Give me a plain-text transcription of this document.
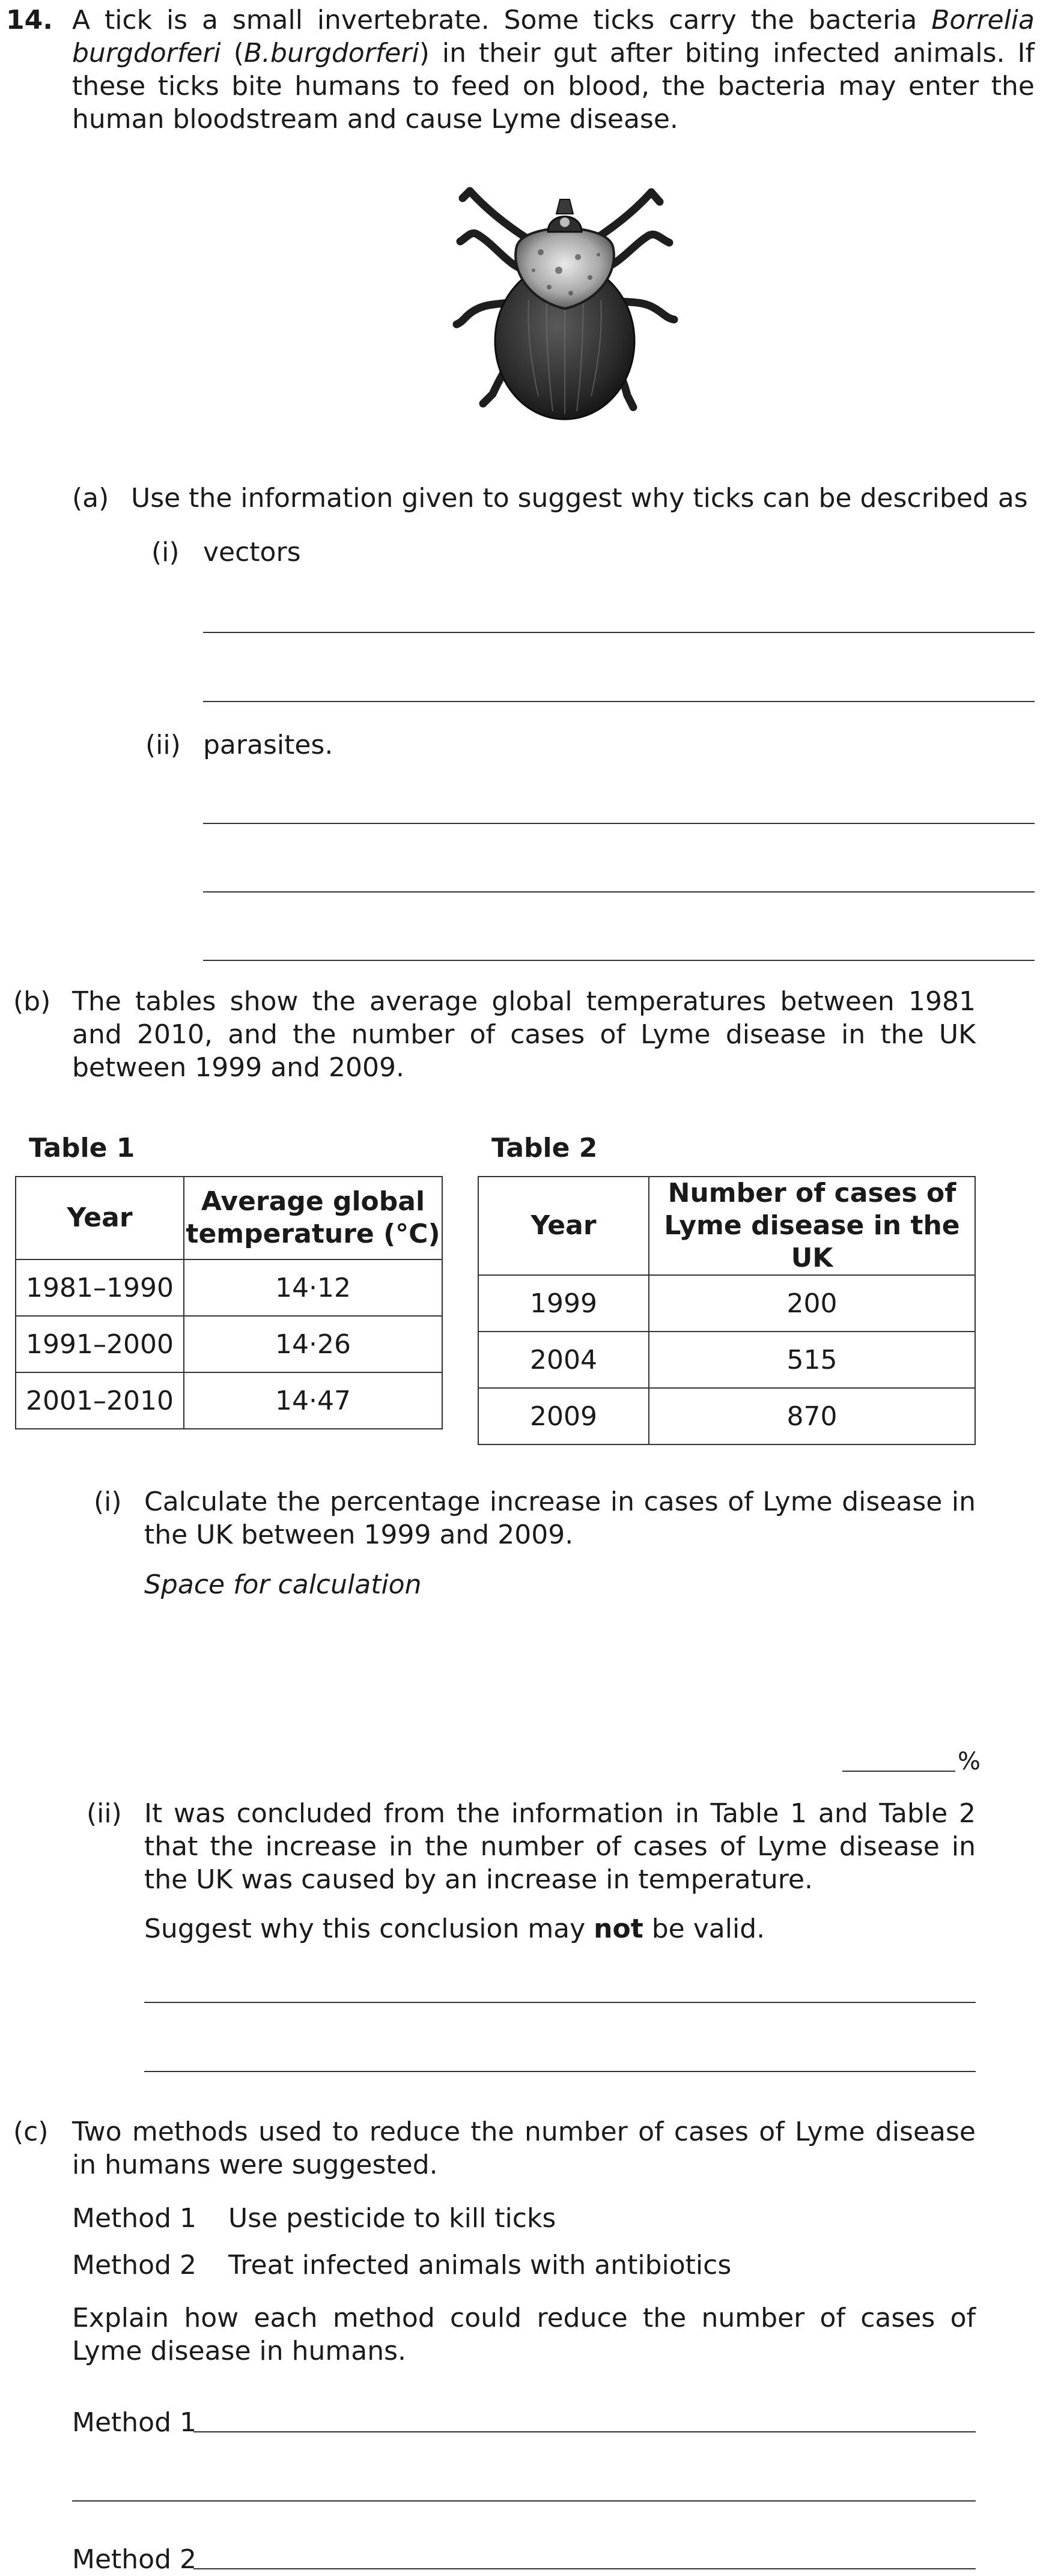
14. A tick is a small invertebrate. Some ticks carry the bacteria Borrelia burgdorferi (B.burgdorferi) in their gut after biting infected animals. If these ticks bite humans to feed on blood, the bacteria may enter the human bloodstream and cause Lyme disease.
(a) Use the information given to suggest why ticks can be described as
(i) vectors
(ii) parasites.
(b) The tables show the average global temperatures between 1981 and 2010, and the number of cases of Lyme disease in the UK between 1999 and 2009.
Table 1	Table 2
Year	Average global temperature (°C)
1981–1990	14·12
1991–2000	14·26
2001–2010	14·47
Year	Number of cases of Lyme disease in the UK
1999	200
2004	515
2009	870
(i) Calculate the percentage increase in cases of Lyme disease in the UK between 1999 and 2009.
Space for calculation
%
(ii) It was concluded from the information in Table 1 and Table 2 that the increase in the number of cases of Lyme disease in the UK was caused by an increase in temperature.
Suggest why this conclusion may not be valid.
(c) Two methods used to reduce the number of cases of Lyme disease in humans were suggested.
Method 1 Use pesticide to kill ticks
Method 2 Treat infected animals with antibiotics
Explain how each method could reduce the number of cases of Lyme disease in humans.
Method 1
Method 2
